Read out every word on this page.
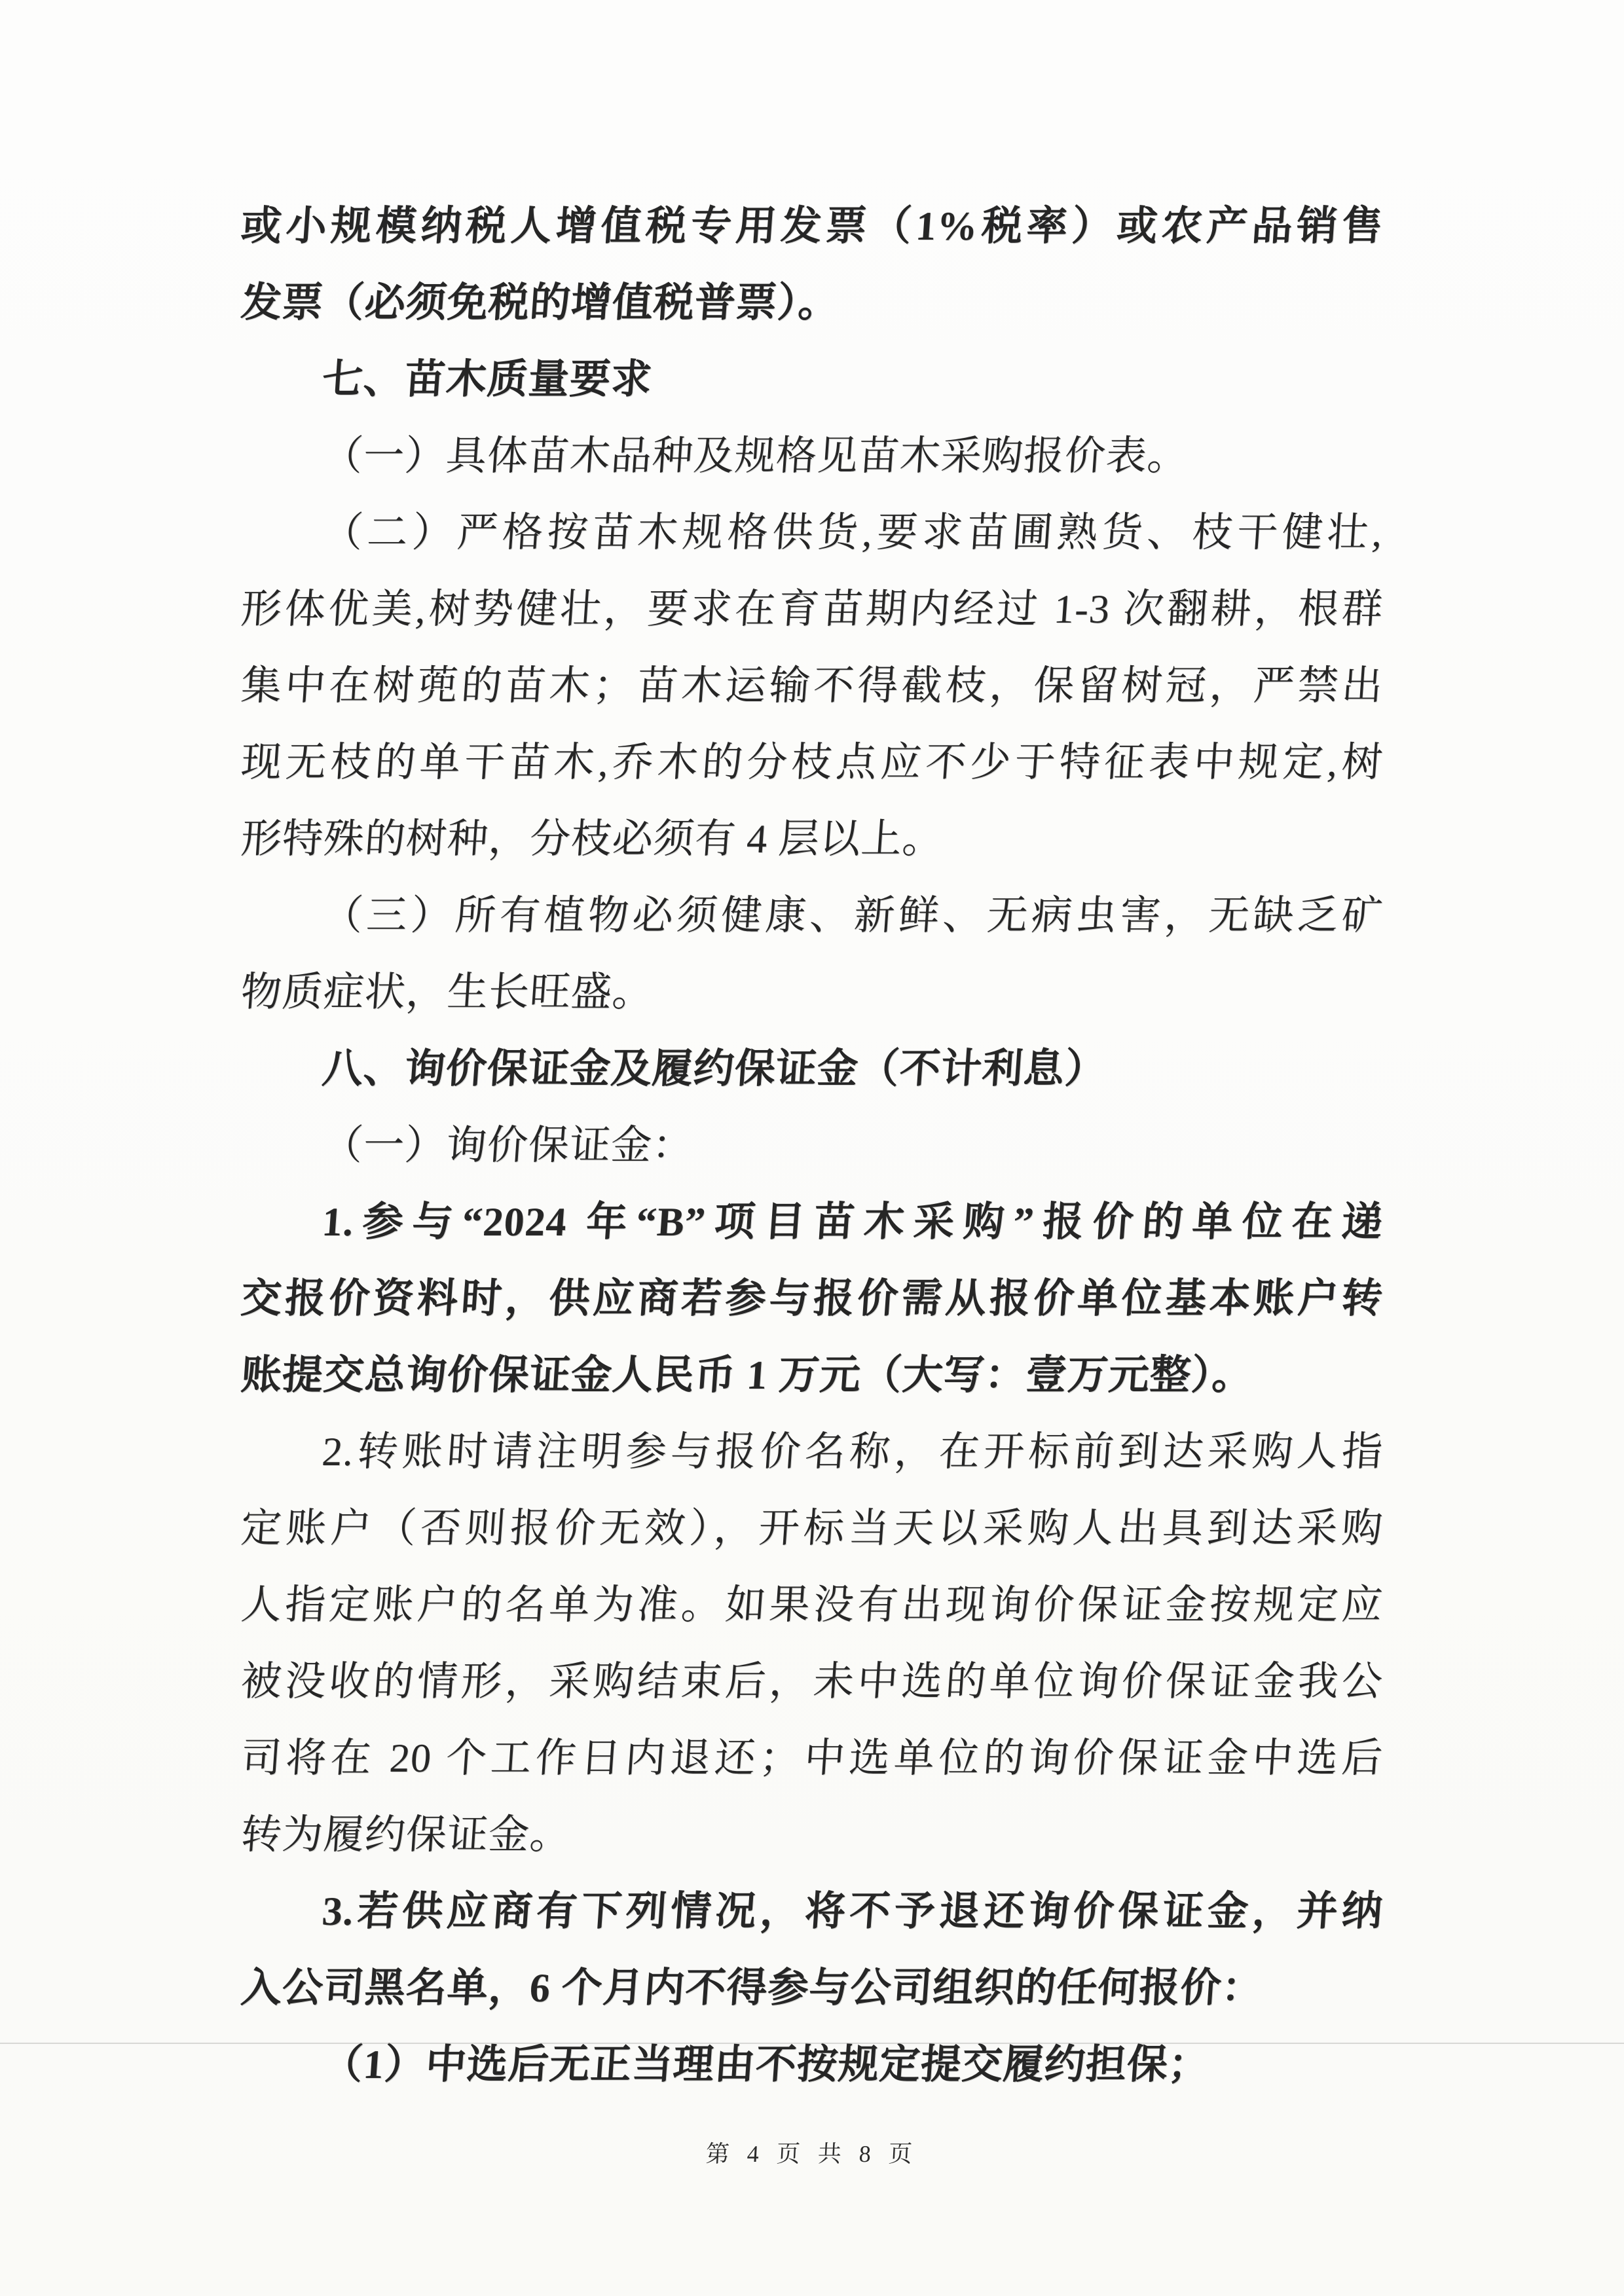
或小规模纳税人增值税专用发票（1%税率）或农产品销售

发票（必须免税的增值税普票）。

七、苗木质量要求

（一）具体苗木品种及规格见苗木采购报价表。

（二）严格按苗木规格供货,要求苗圃熟货、枝干健壮,

形体优美,树势健壮，要求在育苗期内经过 1-3 次翻耕，根群

集中在树蔸的苗木；苗木运输不得截枝，保留树冠，严禁出

现无枝的单干苗木,乔木的分枝点应不少于特征表中规定,树

形特殊的树种，分枝必须有 4 层以上。

（三）所有植物必须健康、新鲜、无病虫害，无缺乏矿

物质症状，生长旺盛。

八、询价保证金及履约保证金（不计利息）

（一）询价保证金：

1.参与“2024 年“B”项目苗木采购”报价的单位在递

交报价资料时，供应商若参与报价需从报价单位基本账户转

账提交总询价保证金人民币 1 万元（大写：壹万元整）。

2.转账时请注明参与报价名称，在开标前到达采购人指

定账户（否则报价无效），开标当天以采购人出具到达采购

人指定账户的名单为准。如果没有出现询价保证金按规定应

被没收的情形，采购结束后，未中选的单位询价保证金我公

司将在 20 个工作日内退还；中选单位的询价保证金中选后

转为履约保证金。

3.若供应商有下列情况，将不予退还询价保证金，并纳

入公司黑名单，6 个月内不得参与公司组织的任何报价：

（1）中选后无正当理由不按规定提交履约担保；

第 4 页 共 8 页
